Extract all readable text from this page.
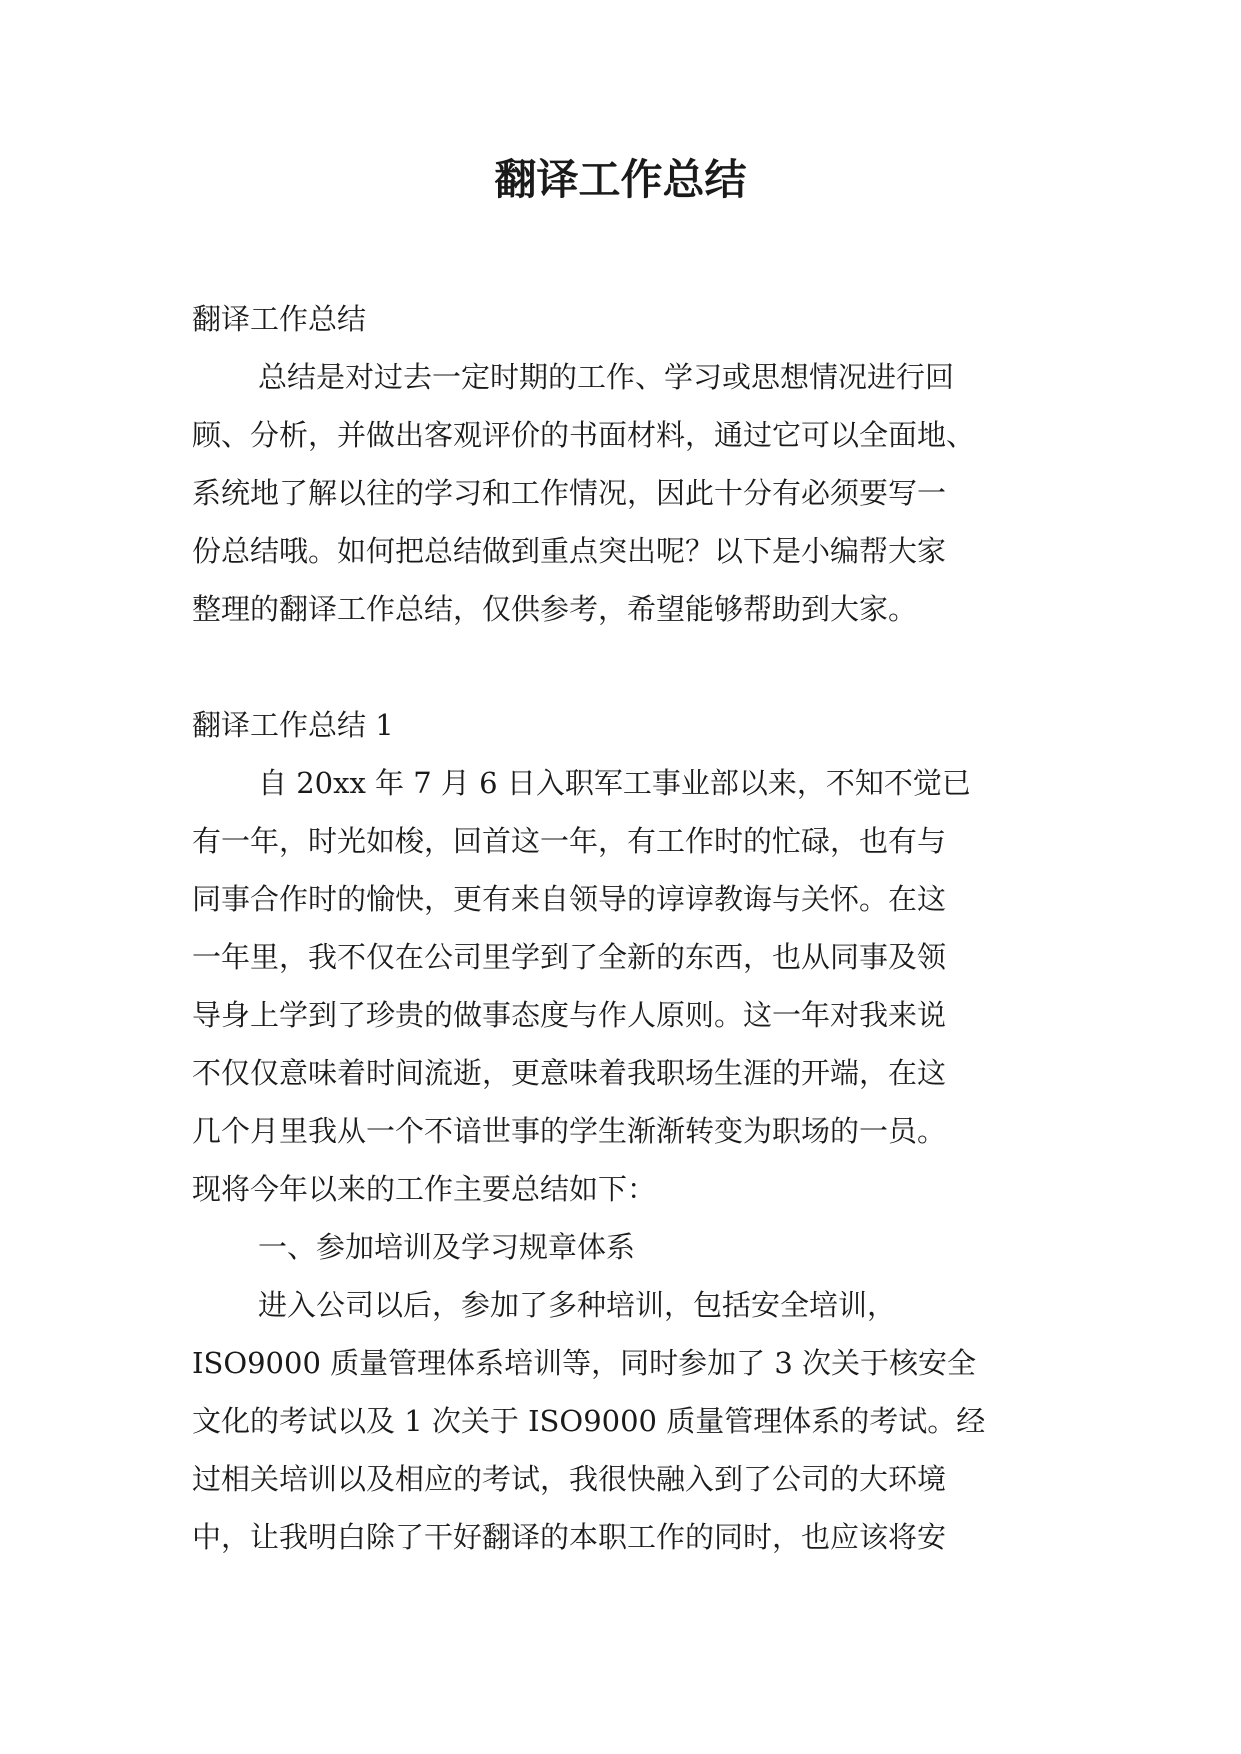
翻译工作总结

翻译工作总结

总结是对过去一定时期的工作、学习或思想情况进行回

顾、分析，并做出客观评价的书面材料，通过它可以全面地、

系统地了解以往的学习和工作情况，因此十分有必须要写一

份总结哦。如何把总结做到重点突出呢？以下是小编帮大家

整理的翻译工作总结，仅供参考，希望能够帮助到大家。

翻译工作总结 1

自 20xx 年 7 月 6 日入职军工事业部以来，不知不觉已

有一年，时光如梭，回首这一年，有工作时的忙碌，也有与

同事合作时的愉快，更有来自领导的谆谆教诲与关怀。在这

一年里，我不仅在公司里学到了全新的东西，也从同事及领

导身上学到了珍贵的做事态度与作人原则。这一年对我来说

不仅仅意味着时间流逝，更意味着我职场生涯的开端，在这

几个月里我从一个不谙世事的学生渐渐转变为职场的一员。

现将今年以来的工作主要总结如下：

一、参加培训及学习规章体系

进入公司以后，参加了多种培训，包括安全培训，

ISO9000 质量管理体系培训等，同时参加了 3 次关于核安全

文化的考试以及 1 次关于 ISO9000 质量管理体系的考试。经

过相关培训以及相应的考试，我很快融入到了公司的大环境

中，让我明白除了干好翻译的本职工作的同时，也应该将安
